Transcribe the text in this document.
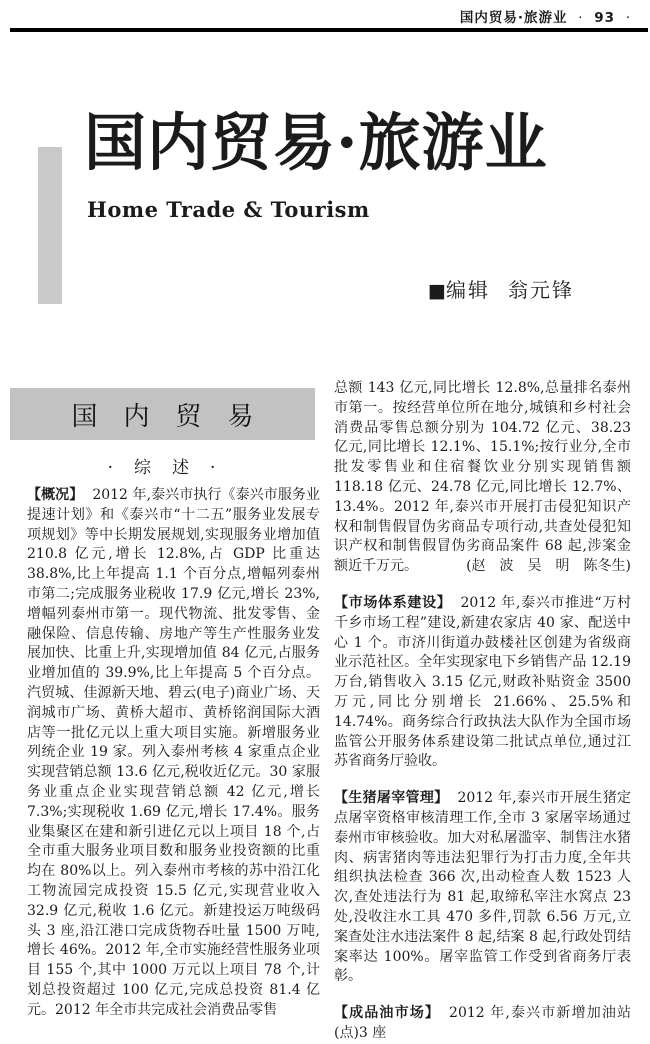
国内贸易·旅游业 · 93 ·
国内贸易·旅游业
Home Trade & Tourism
■编辑 翁元锋
国　内　贸　易
·　综　述　·

【概况】 2012 年,泰兴市执行《泰兴市服务业提速计划》和《泰兴市“十二五”服务业发展专项规划》等中长期发展规划,实现服务业增加值 210.8 亿元,增长 12.8%,占 GDP 比重达 38.8%,比上年提高 1.1 个百分点,增幅列泰州市第二;完成服务业税收 17.9 亿元,增长 23%,增幅列泰州市第一。现代物流、批发零售、金融保险、信息传输、房地产等生产性服务业发展加快、比重上升,实现增加值 84 亿元,占服务业增加值的 39.9%,比上年提高 5 个百分点。汽贸城、佳源新天地、碧云(电子)商业广场、天润城市广场、黄桥大超市、黄桥铭润国际大酒店等一批亿元以上重大项目实施。新增服务业列统企业 19 家。列入泰州考核 4 家重点企业实现营销总额 13.6 亿元,税收近亿元。30 家服务业重点企业实现营销总额 42 亿元,增长 7.3%;实现税收 1.69 亿元,增长 17.4%。服务业集聚区在建和新引进亿元以上项目 18 个,占全市重大服务业项目数和服务业投资额的比重均在 80%以上。列入泰州市考核的苏中沿江化工物流园完成投资 15.5 亿元,实现营业收入 32.9 亿元,税收 1.6 亿元。新建投运万吨级码头 3 座,沿江港口完成货物吞吐量 1500 万吨,增长 46%。2012 年,全市实施经营性服务业项目 155 个,其中 1000 万元以上项目 78 个,计划总投资超过 100 亿元,完成总投资 81.4 亿元。2012 年全市共完成社会消费品零售

总额 143 亿元,同比增长 12.8%,总量排名泰州市第一。按经营单位所在地分,城镇和乡村社会消费品零售总额分别为 104.72 亿元、38.23 亿元,同比增长 12.1%、15.1%;按行业分,全市批发零售业和住宿餐饮业分别实现销售额 118.18 亿元、24.78 亿元,同比增长 12.7%、13.4%。2012 年,泰兴市开展打击侵犯知识产权和制售假冒伪劣商品专项行动,共查处侵犯知识产权和制售假冒伪劣商品案件 68 起,涉案金额近千万元。	(赵　波　吴　明　陈冬生)

【市场体系建设】 2012 年,泰兴市推进“万村千乡市场工程”建设,新建农家店 40 家、配送中心 1 个。市济川街道办鼓楼社区创建为省级商业示范社区。全年实现家电下乡销售产品 12.19 万台,销售收入 3.15 亿元,财政补贴资金 3500 万元,同比分别增长 21.66%、25.5%和 14.74%。商务综合行政执法大队作为全国市场监管公开服务体系建设第二批试点单位,通过江苏省商务厅验收。

【生猪屠宰管理】 2012 年,泰兴市开展生猪定点屠宰资格审核清理工作,全市 3 家屠宰场通过泰州市审核验收。加大对私屠滥宰、制售注水猪肉、病害猪肉等违法犯罪行为打击力度,全年共组织执法检查 366 次,出动检查人数 1523 人次,查处违法行为 81 起,取缔私宰注水窝点 23 处,没收注水工具 470 多件,罚款 6.56 万元,立案查处注水违法案件 8 起,结案 8 起,行政处罚结案率达 100%。屠宰监管工作受到省商务厅表彰。

【成品油市场】 2012 年,泰兴市新增加油站(点)3 座
